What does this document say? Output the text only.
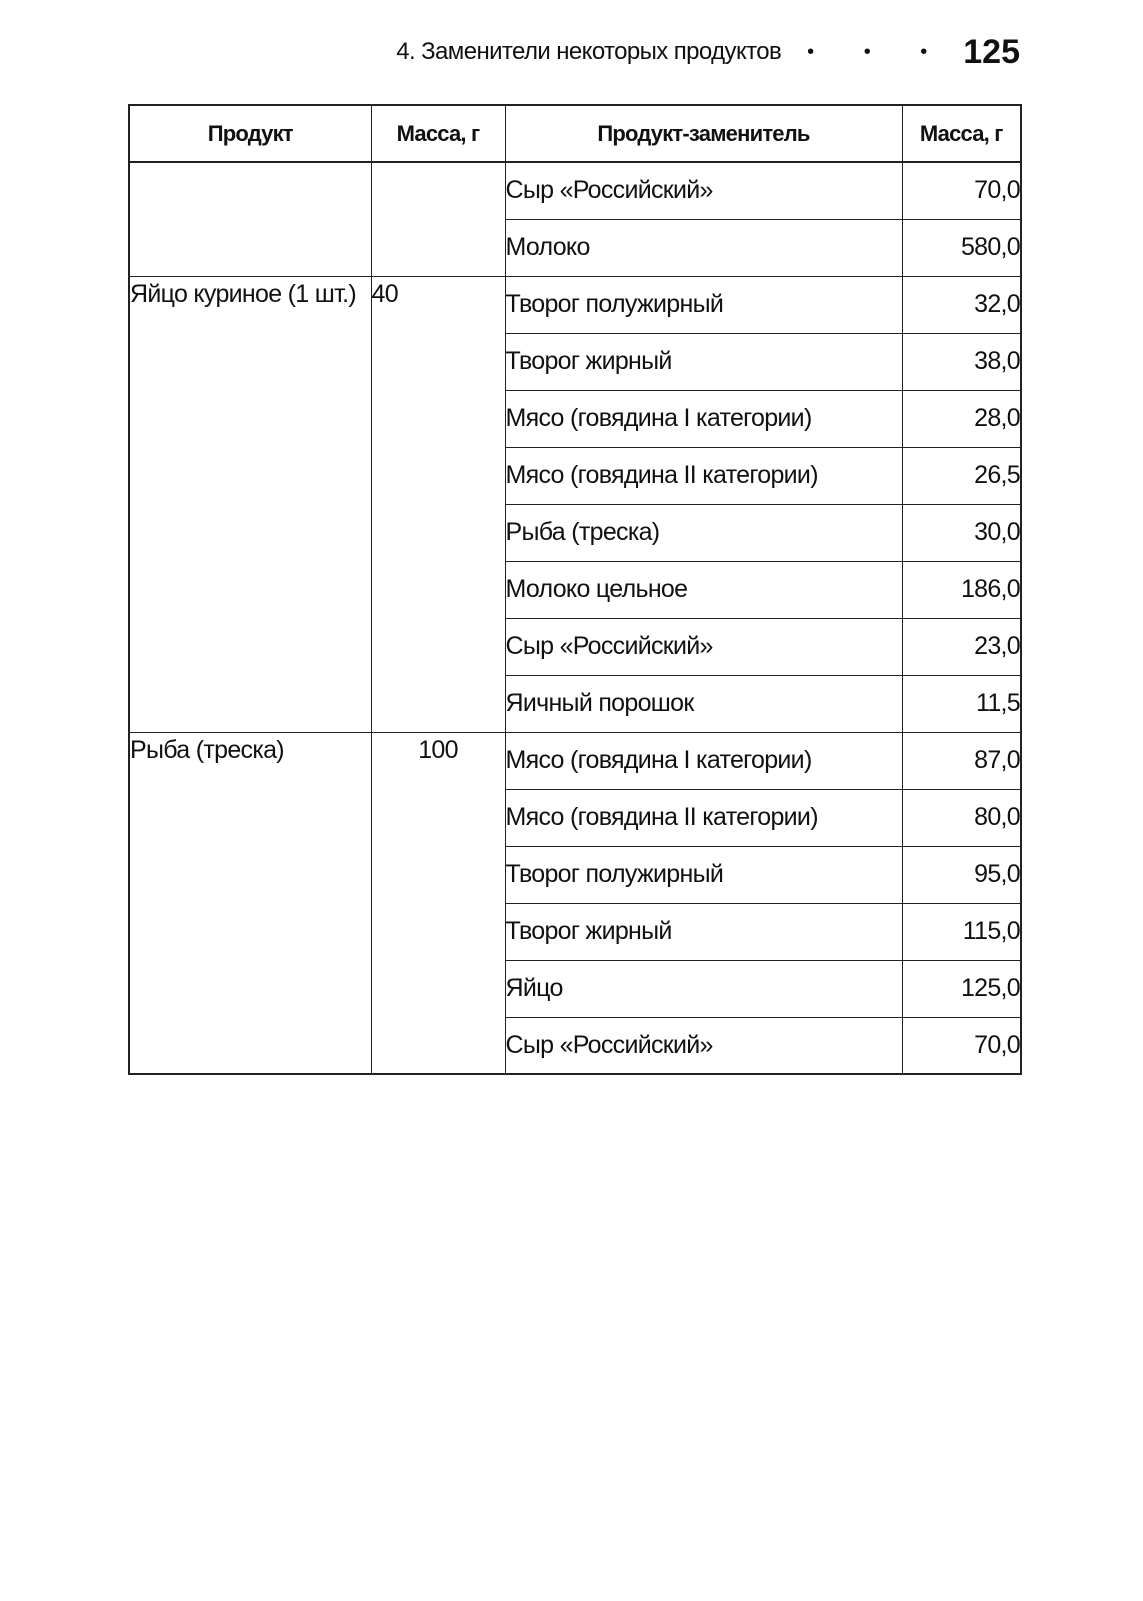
4. Заменители некоторых продуктов • • • 125
Продукт	Масса, г	Продукт-заменитель	Масса, г
		Сыр «Российский»	70,0
		Молоко	580,0
Яйцо куриное (1 шт.)	40	Творог полужирный	32,0
		Творог жирный	38,0
		Мясо (говядина I категории)	28,0
		Мясо (говядина II категории)	26,5
		Рыба (треска)	30,0
		Молоко цельное	186,0
		Сыр «Российский»	23,0
		Яичный порошок	11,5
Рыба (треска)	100	Мясо (говядина I категории)	87,0
		Мясо (говядина II категории)	80,0
		Творог полужирный	95,0
		Творог жирный	115,0
		Яйцо	125,0
		Сыр «Российский»	70,0
